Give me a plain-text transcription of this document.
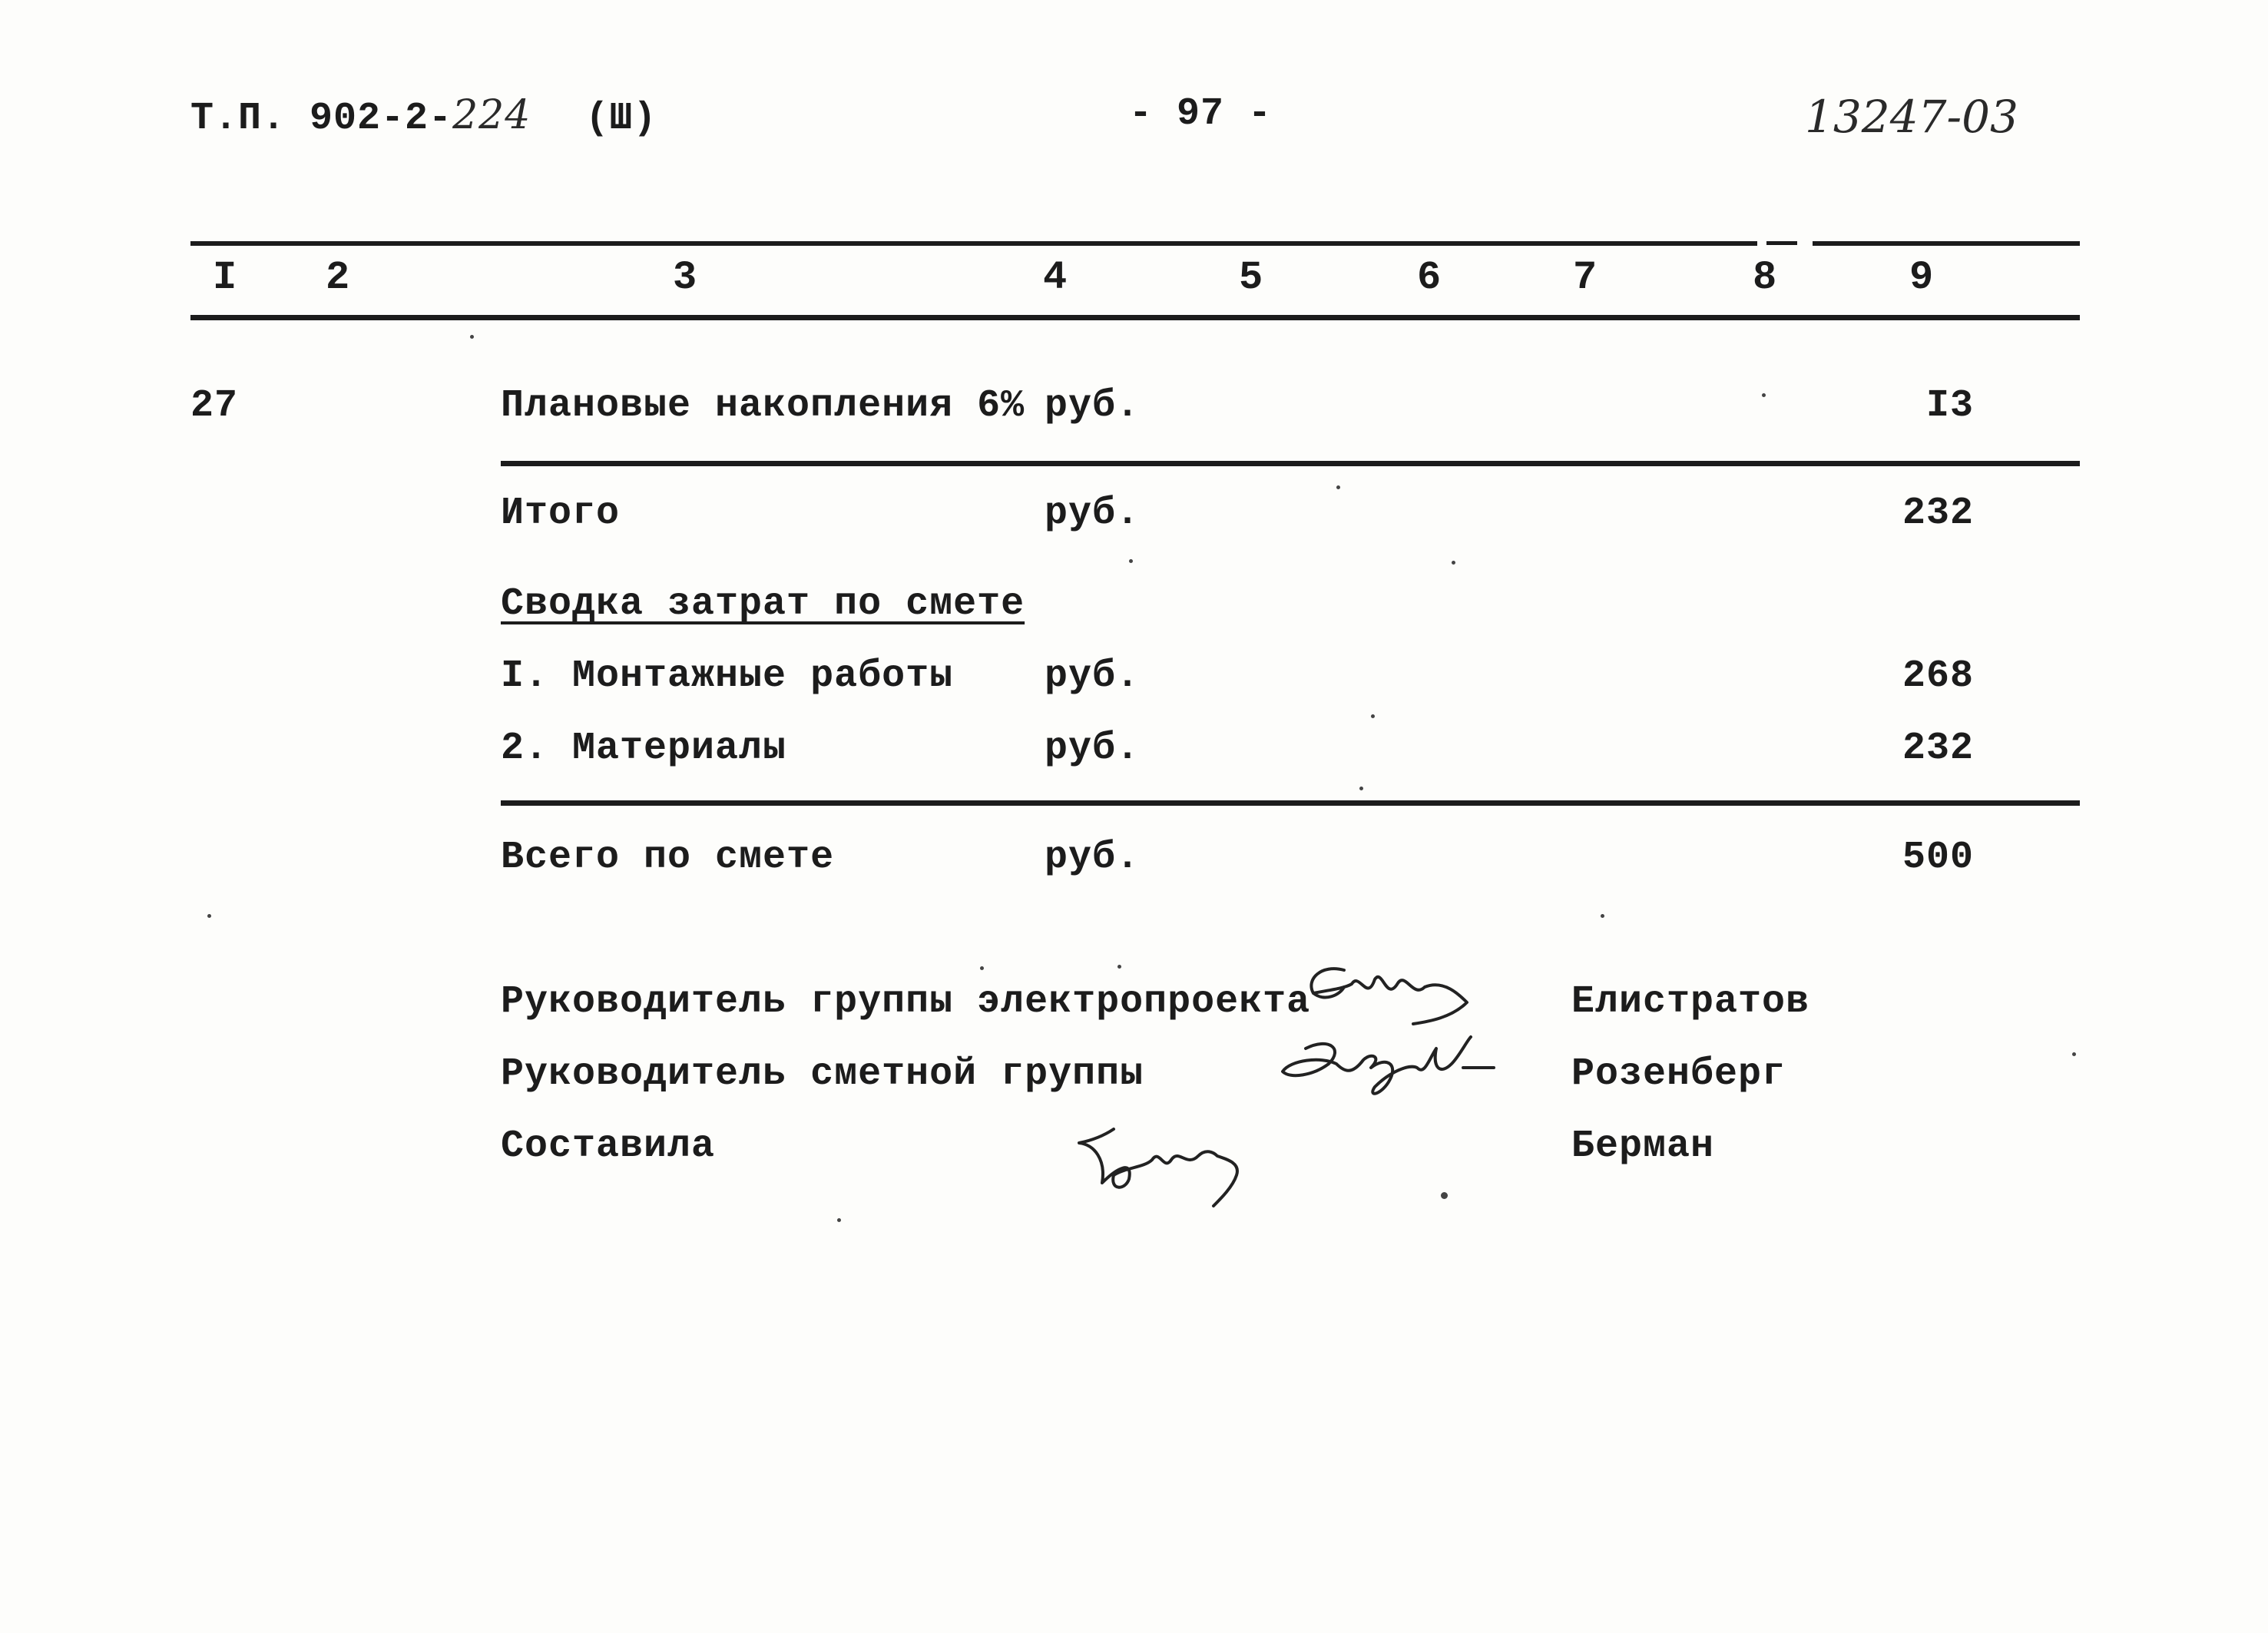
Т.П. 902-2-224 (Ш)	- 97 -	13247-03
I 2	3	4	5	6	7	8	9
27	Плановые накопления 6% руб.	I3
Итого	руб.	232
Сводка затрат по смете
I. Монтажные работы руб.	268
2. Материалы	руб.	232
Всего по смете	руб.	500
Руководитель группы электропроекта	Елистратов
Руководитель сметной группы	Розенберг
Составила	Берман
